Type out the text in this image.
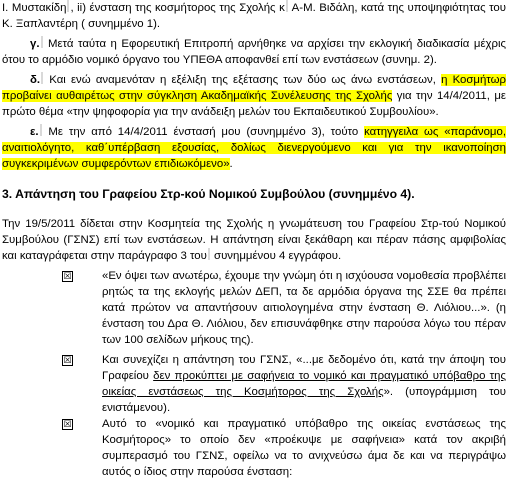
Ι. Μυστακίδη , ii) ένσταση της κοσμήτορος της Σχολής κ Α-Μ. Βιδάλη, κατά της υποψηφιότητας του Κ. Ξαπλαντέρη ( συνημμένο 1).

γ. Μετά ταύτα η Εφορευτική Επιτροπή αρνήθηκε να αρχίσει την εκλογική διαδικασία μέχρις ότου το αρμόδιο νομικό όργανο του ΥΠΕΘΑ αποφανθεί επί των ενστάσεων (συνημ. 2).

δ. Και ενώ αναμενόταν η εξέλιξη της εξέτασης των δύο ως άνω ενστάσεων, η Κοσμήτωρ προβαίνει αυθαιρέτως στην σύγκληση Ακαδημαϊκής Συνέλευσης της Σχολής για την 14/4/2011, με πρώτο θέμα «την ψηφοφορία για την ανάδειξη μελών του Εκπαιδευτικού Συμβουλίου».

ε. Με την από 14/4/2011 ένστασή μου (συνημμένο 3), τούτο κατηγγειλα ως «παράνομο, αναιτιολόγητο, καθ΄υπέρβαση εξουσίας, δολίως διενεργούμενο και για την ικανοποίηση συγκεκριμένων συμφερόντων επιδιωκόμενο».

3. Απάντηση του Γραφείου Στρ-κού Νομικού Συμβούλου (συνημμένο 4).

Την 19/5/2011 δίδεται στην Κοσμητεία της Σχολής η γνωμάτευση του Γραφείου Στρ-τού Νομικού Συμβούλου (ΓΣΝΣ) επί των ενστάσεων. Η απάντηση είναι ξεκάθαρη και πέραν πάσης αμφιβολίας και καταγράφεται στην παράγραφο 3 του συνημμένου 4 εγγράφου.

☒	«Εν όψει των ανωτέρω, έχουμε την γνώμη ότι η ισχύουσα νομοθεσία προβλέπει ρητώς τα της εκλογής μελών ΔΕΠ, τα δε αρμόδια όργανα της ΣΣΕ θα πρέπει κατά πρώτον να απαντήσουν αιτιολογημένα στην ένσταση Θ. Λιόλιου...». (η ένσταση του Δρα Θ. Λιόλιου, δεν επισυνάφθηκε στην παρούσα λόγω του πέραν των 100 σελίδων μήκους της).

☒	Και συνεχίζει η απάντηση του ΓΣΝΣ, «...με δεδομένο ότι, κατά την άποψη του Γραφείου δεν προκύπτει με σαφήνεια το νομικό και πραγματικό υπόβαθρο της οικείας ενστάσεως της Κοσμήτορος της Σχολής». (υπογράμμιση του ενιστάμενου).

☒	Αυτό το «νομικό και πραγματικό υπόβαθρο της οικείας ενστάσεως της Κοσμήτορος» το οποίο δεν «προέκυψε με σαφήνεια» κατά τον ακριβή συμπερασμό του ΓΣΝΣ, οφείλω να το ανιχνεύσω άμα δε και να περιγράψω αυτός ο ίδιος στην παρούσα ένσταση:
